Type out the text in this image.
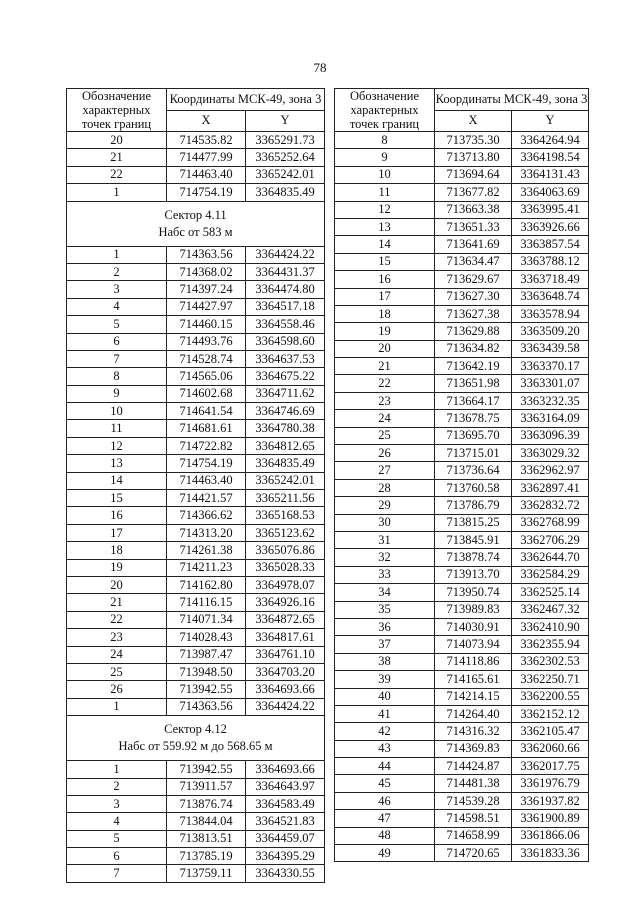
78
Обозначение характерных точек границ	Координаты МСК-49, зона 3	
	X	Y
20	714535.82	3365291.73
21	714477.99	3365252.64
22	714463.40	3365242.01
1	714754.19	3364835.49

Сектор 4.11
Набс от 583 м		

1	714363.56	3364424.22
2	714368.02	3364431.37
3	714397.24	3364474.80
4	714427.97	3364517.18
5	714460.15	3364558.46
6	714493.76	3364598.60
7	714528.74	3364637.53
8	714565.06	3364675.22
9	714602.68	3364711.62
10	714641.54	3364746.69
11	714681.61	3364780.38
12	714722.82	3364812.65
13	714754.19	3364835.49
14	714463.40	3365242.01
15	714421.57	3365211.56
16	714366.62	3365168.53
17	714313.20	3365123.62
18	714261.38	3365076.86
19	714211.23	3365028.33
20	714162.80	3364978.07
21	714116.15	3364926.16
22	714071.34	3364872.65
23	714028.43	3364817.61
24	713987.47	3364761.10
25	713948.50	3364703.20
26	713942.55	3364693.66
1	714363.56	3364424.22

Сектор 4.12
Набс от 559.92 м до 568.65 м		

1	713942.55	3364693.66
2	713911.57	3364643.97
3	713876.74	3364583.49
4	713844.04	3364521.83
5	713813.51	3364459.07
6	713785.19	3364395.29
7	713759.11	3364330.55
Обозначение характерных точек границ	Координаты МСК-49, зона 3	
	X	Y
8	713735.30	3364264.94
9	713713.80	3364198.54
10	713694.64	3364131.43
11	713677.82	3364063.69
12	713663.38	3363995.41
13	713651.33	3363926.66
14	713641.69	3363857.54
15	713634.47	3363788.12
16	713629.67	3363718.49
17	713627.30	3363648.74
18	713627.38	3363578.94
19	713629.88	3363509.20
20	713634.82	3363439.58
21	713642.19	3363370.17
22	713651.98	3363301.07
23	713664.17	3363232.35
24	713678.75	3363164.09
25	713695.70	3363096.39
26	713715.01	3363029.32
27	713736.64	3362962.97
28	713760.58	3362897.41
29	713786.79	3362832.72
30	713815.25	3362768.99
31	713845.91	3362706.29
32	713878.74	3362644.70
33	713913.70	3362584.29
34	713950.74	3362525.14
35	713989.83	3362467.32
36	714030.91	3362410.90
37	714073.94	3362355.94
38	714118.86	3362302.53
39	714165.61	3362250.71
40	714214.15	3362200.55
41	714264.40	3362152.12
42	714316.32	3362105.47
43	714369.83	3362060.66
44	714424.87	3362017.75
45	714481.38	3361976.79
46	714539.28	3361937.82
47	714598.51	3361900.89
48	714658.99	3361866.06
49	714720.65	3361833.36
